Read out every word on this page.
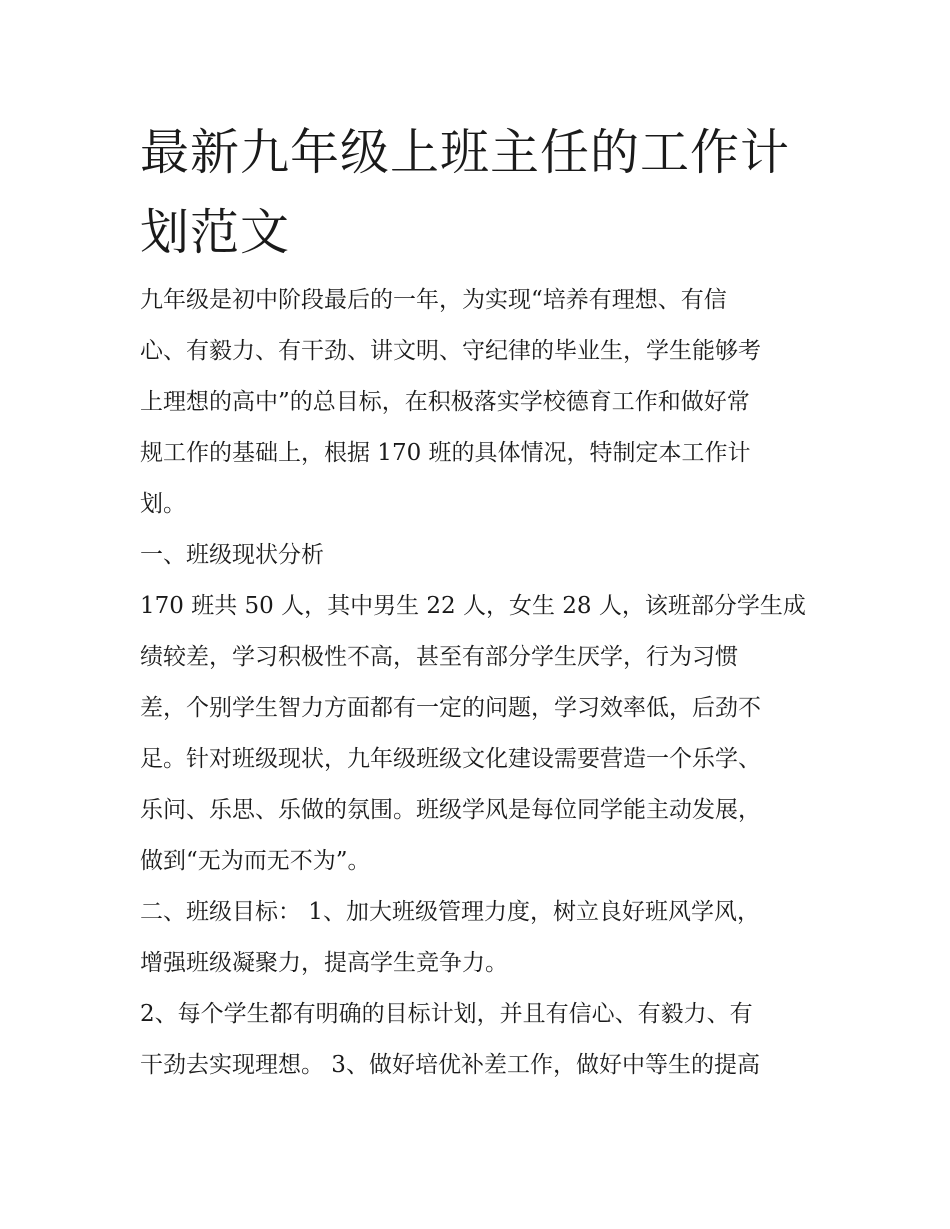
最新九年级上班主任的工作计
划范文

九年级是初中阶段最后的一年，为实现“培养有理想、有信

心、有毅力、有干劲、讲文明、守纪律的毕业生，学生能够考

上理想的高中”的总目标，在积极落实学校德育工作和做好常

规工作的基础上，根据 170 班的具体情况，特制定本工作计

划。

一、班级现状分析

170 班共 50 人，其中男生 22 人，女生 28 人，该班部分学生成

绩较差，学习积极性不高，甚至有部分学生厌学，行为习惯

差，个别学生智力方面都有一定的问题，学习效率低，后劲不

足。针对班级现状，九年级班级文化建设需要营造一个乐学、

乐问、乐思、乐做的氛围。班级学风是每位同学能主动发展，

做到“无为而无不为”。

二、班级目标： 1、加大班级管理力度，树立良好班风学风，

增强班级凝聚力，提高学生竞争力。

2、每个学生都有明确的目标计划，并且有信心、有毅力、有

干劲去实现理想。 3、做好培优补差工作，做好中等生的提高
